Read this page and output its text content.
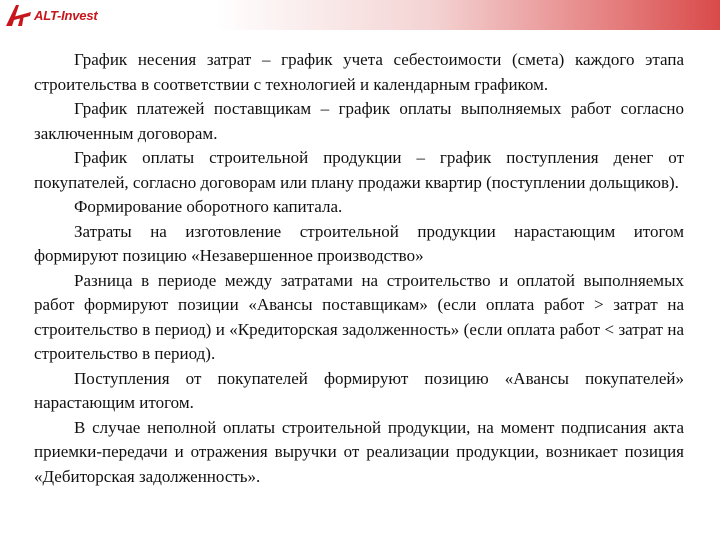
ALT-Invest

График несения затрат – график учета себестоимости (смета) каждого этапа строительства в соответствии с технологией и календарным графиком.

График платежей поставщикам – график оплаты выполняемых работ согласно заключенным договорам.

График оплаты строительной продукции – график поступления денег от покупателей, согласно договорам или плану продажи квартир (поступлении дольщиков).

Формирование оборотного капитала.

Затраты на изготовление строительной продукции нарастающим итогом формируют позицию «Незавершенное производство»

Разница в периоде между затратами на строительство и оплатой выполняемых работ формируют позиции «Авансы поставщикам» (если оплата работ > затрат на строительство в период) и «Кредиторская задолженность» (если оплата работ < затрат на строительство в период).

Поступления от покупателей формируют позицию «Авансы покупателей» нарастающим итогом.

В случае неполной оплаты строительной продукции, на момент подписания акта приемки-передачи и отражения выручки от реализации продукции, возникает позиция «Дебиторская задолженность».
